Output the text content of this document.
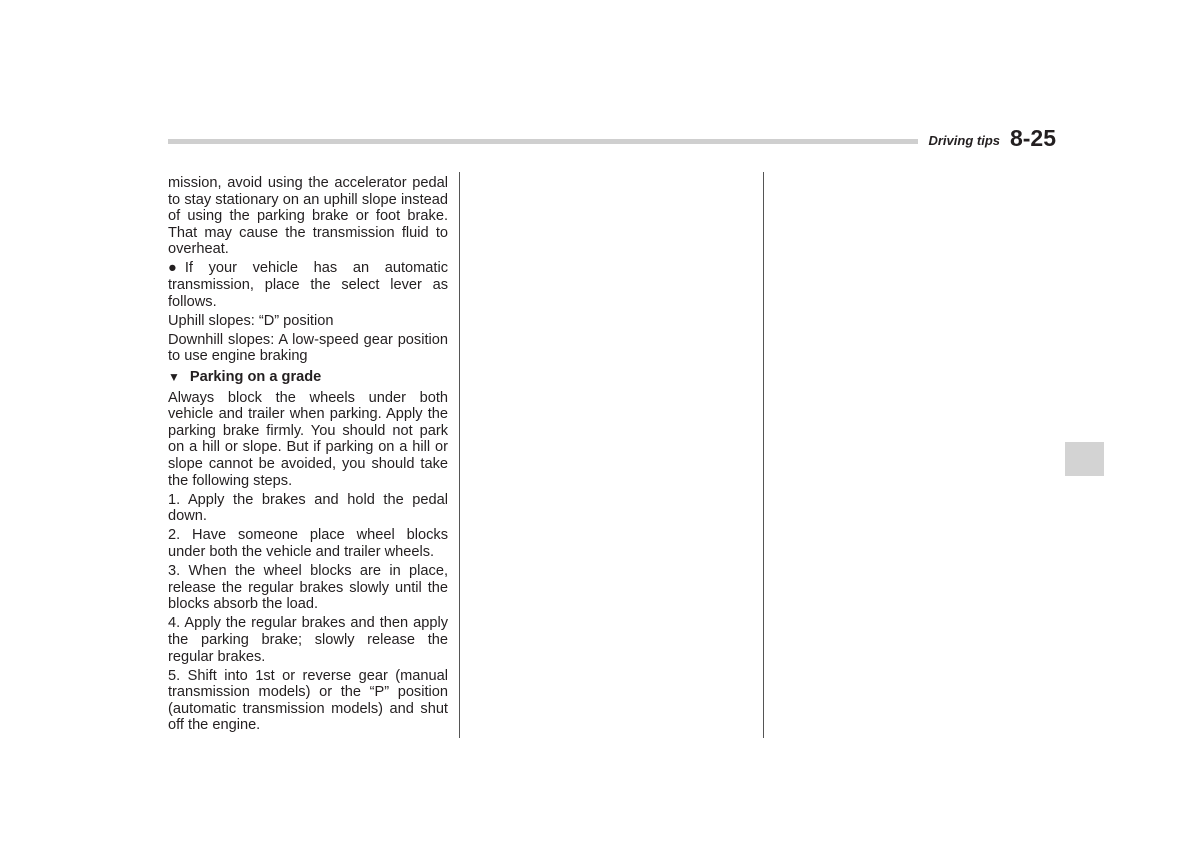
Driving tips 8-25

mission, avoid using the accelerator pedal to stay stationary on an uphill slope instead of using the parking brake or foot brake. That may cause the transmission fluid to overheat.

● If your vehicle has an automatic transmission, place the select lever as follows.

Uphill slopes: “D” position

Downhill slopes: A low-speed gear position to use engine braking

▼ Parking on a grade

Always block the wheels under both vehicle and trailer when parking. Apply the parking brake firmly. You should not park on a hill or slope. But if parking on a hill or slope cannot be avoided, you should take the following steps.

1. Apply the brakes and hold the pedal down.

2. Have someone place wheel blocks under both the vehicle and trailer wheels.

3. When the wheel blocks are in place, release the regular brakes slowly until the blocks absorb the load.

4. Apply the regular brakes and then apply the parking brake; slowly release the regular brakes.

5. Shift into 1st or reverse gear (manual transmission models) or the “P” position (automatic transmission models) and shut off the engine.
